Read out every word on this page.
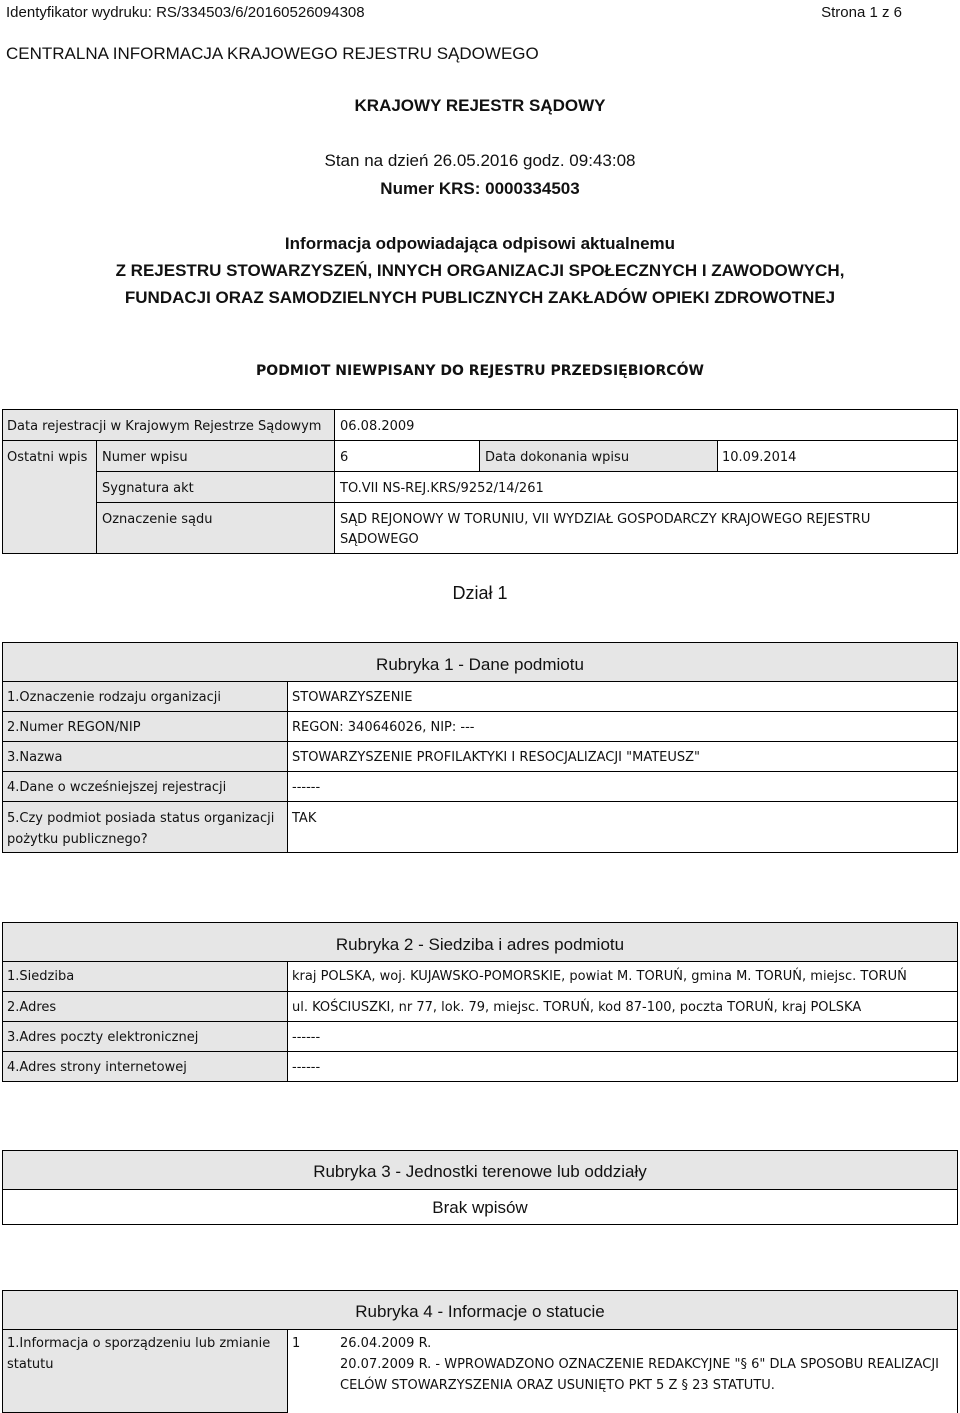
Identyfikator wydruku: RS/334503/6/20160526094308	Strona 1 z 6
CENTRALNA INFORMACJA KRAJOWEGO REJESTRU SĄDOWEGO
KRAJOWY REJESTR SĄDOWY
Stan na dzień 26.05.2016 godz. 09:43:08
Numer KRS: 0000334503
Informacja odpowiadająca odpisowi aktualnemu
Z REJESTRU STOWARZYSZEŃ, INNYCH ORGANIZACJI SPOŁECZNYCH I ZAWODOWYCH,
FUNDACJI ORAZ SAMODZIELNYCH PUBLICZNYCH ZAKŁADÓW OPIEKI ZDROWOTNEJ
PODMIOT NIEWPISANY DO REJESTRU PRZEDSIĘBIORCÓW
Data rejestracji w Krajowym Rejestrze Sądowym 06.08.2009
Ostatni wpis Numer wpisu	6	Data dokonania wpisu	10.09.2014
Sygnatura akt	TO.VII NS-REJ.KRS/9252/14/261
Oznaczenie sądu	SĄD REJONOWY W TORUNIU, VII WYDZIAŁ GOSPODARCZY KRAJOWEGO REJESTRU
SĄDOWEGO
Dział 1
Rubryka 1 - Dane podmiotu
1.Oznaczenie rodzaju organizacji	STOWARZYSZENIE
2.Numer REGON/NIP	REGON: 340646026, NIP: ---
3.Nazwa	STOWARZYSZENIE PROFILAKTYKI I RESOCJALIZACJI "MATEUSZ"
4.Dane o wcześniejszej rejestracji	------
5.Czy podmiot posiada status organizacji
pożytku publicznego?
TAK
Rubryka 2 - Siedziba i adres podmiotu
1.Siedziba	kraj POLSKA, woj. KUJAWSKO-POMORSKIE, powiat M. TORUŃ, gmina M. TORUŃ, miejsc. TORUŃ
2.Adres	ul. KOŚCIUSZKI, nr 77, lok. 79, miejsc. TORUŃ, kod 87-100, poczta TORUŃ, kraj POLSKA
3.Adres poczty elektronicznej	------
4.Adres strony internetowej	------
Rubryka 3 - Jednostki terenowe lub oddziały
Brak wpisów
Rubryka 4 - Informacje o statucie
1.Informacja o sporządzeniu lub zmianie
statutu
1	26.04.2009 R.
20.07.2009 R. - WPROWADZONO OZNACZENIE REDAKCYJNE "§ 6" DLA SPOSOBU REALIZACJI
CELÓW STOWARZYSZENIA ORAZ USUNIĘTO PKT 5 Z § 23 STATUTU.
